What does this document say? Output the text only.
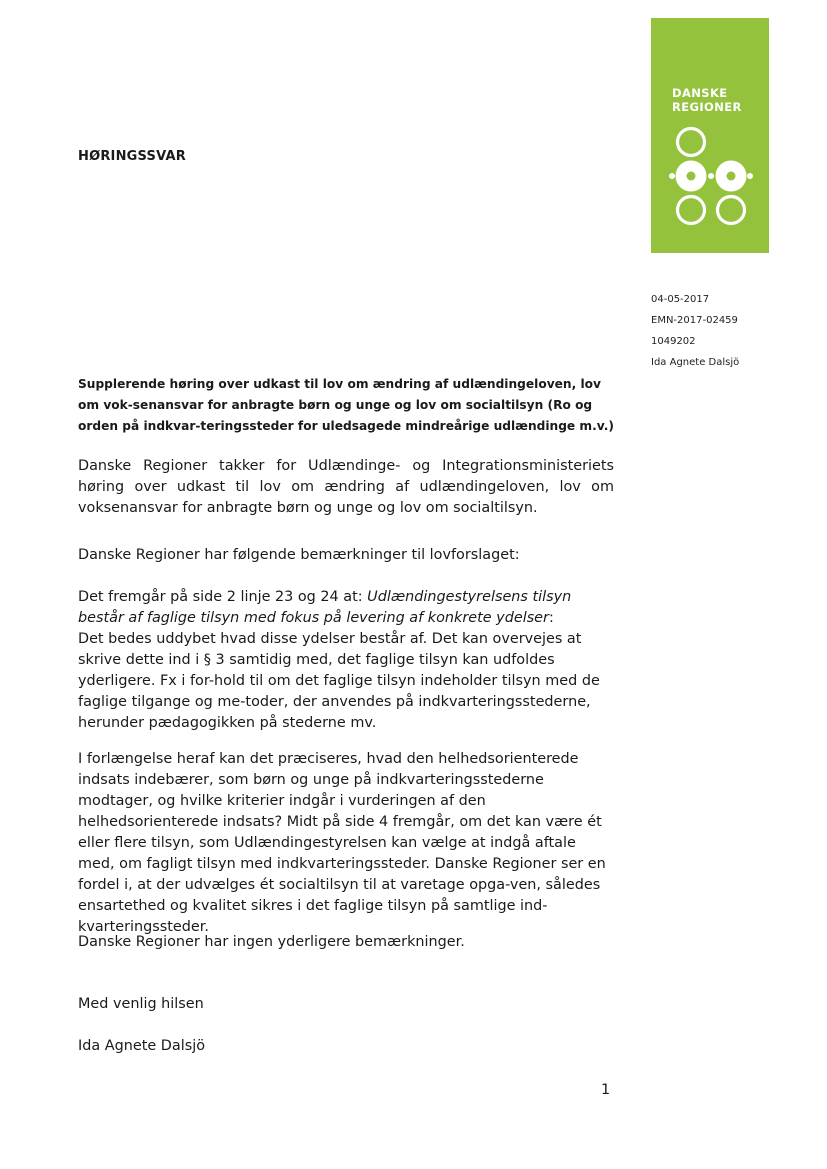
HØRINGSSVAR
DANSKE
REGIONER
04-05-2017
EMN-2017-02459
1049202
Ida Agnete Dalsjö
Supplerende høring over udkast til lov om ændring af udlændingeloven, lov om vok-senansvar for anbragte børn og unge og lov om socialtilsyn (Ro og orden på indkvar-teringssteder for uledsagede mindreårige udlændinge m.v.)
Danske Regioner takker for Udlændinge- og Integrationsministeriets høring over udkast til lov om ændring af udlændingeloven, lov om voksenansvar for anbragte børn og unge og lov om socialtilsyn.
Danske Regioner har følgende bemærkninger til lovforslaget:

Det fremgår på side 2 linje 23 og 24 at: Udlændingestyrelsens tilsyn består af faglige tilsyn med fokus på levering af konkrete ydelser:

Det bedes uddybet hvad disse ydelser består af. Det kan overvejes at skrive dette ind i § 3 samtidig med, det faglige tilsyn kan udfoldes yderligere. Fx i for-hold til om det faglige tilsyn indeholder tilsyn med de faglige tilgange og me-toder, der anvendes på indkvarteringsstederne, herunder pædagogikken på stederne mv.

I forlængelse heraf kan det præciseres, hvad den helhedsorienterede indsats indebærer, som børn og unge på indkvarteringsstederne modtager, og hvilke kriterier indgår i vurderingen af den helhedsorienterede indsats? Midt på side 4 fremgår, om det kan være ét eller flere tilsyn, som Udlændingestyrelsen kan vælge at indgå aftale med, om fagligt tilsyn med indkvarteringssteder. Danske Regioner ser en fordel i, at der udvælges ét socialtilsyn til at varetage opga-ven, således ensartethed og kvalitet sikres i det faglige tilsyn på samtlige ind-kvarteringssteder.
Danske Regioner har ingen yderligere bemærkninger.
Med venlig hilsen
Ida Agnete Dalsjö
1
